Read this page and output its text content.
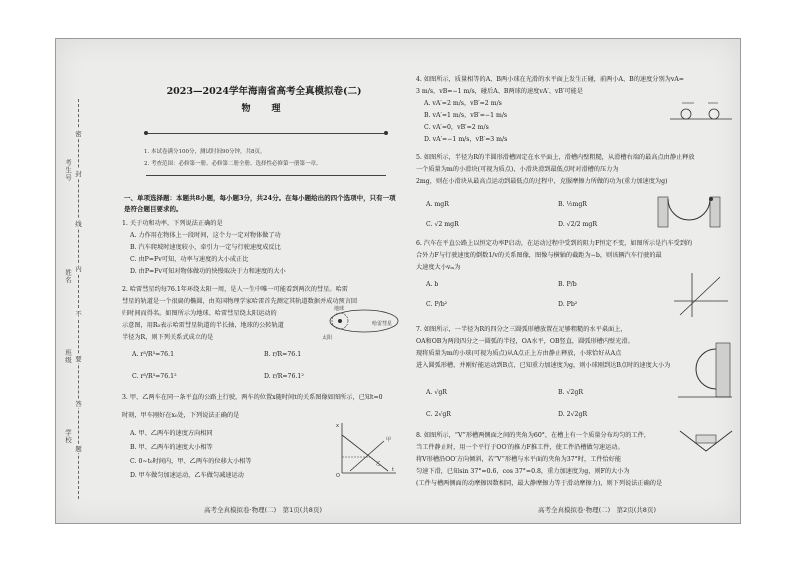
考生号
姓名
班级
学校
密
封
线
内
不
要
答
题
2023—2024学年海南省高考全真模拟卷(二)
物　理
1. 本试卷满分100分，测试时间90分钟，共8页。
2. 考查范围：必修第一册、必修第二册全册、选择性必修第一册第一章。
一、单项选择题：本题共8小题，每小题3分，共24分。在每小题给出的四个选项中，只有一项是符合题目要求的。
1. 关于功和功率，下列说法正确的是
A. 力作用在物体上一段时间，这个力一定对物体做了功
B. 汽车爬坡时速度较小，牵引力一定与行驶速度成反比
C. 由P=Fv可知，功率与速度的大小成正比
D. 由P=Fv可知对物体做功的快慢取决于力和速度的大小
2. 哈雷彗星约每76.1年环绕太阳一周，是人一生中唯一可能看到两次的彗星。哈雷
彗星的轨道是一个很扁的椭圆，由英国物理学家哈雷首先测定其轨道数据并成功预言回
归时间而得名。如图所示为地球、哈雷彗星绕太阳运动的
示意图，用R₀表示哈雷彗星轨道的半长轴，地球的公转轨道
半径为R，则下列关系式成立的是	太阳
哈雷彗星
地球
A. r³/R³=76.1	B. r/R=76.1
C. r³/R³=76.1²	D. r/R=76.1²
3. 甲、乙两车在同一条平直的公路上行驶，两车的位置x随时间t的关系图像如图所示，已知t=0
时刻，甲车刚好在x₀处，下列说法正确的是
A. 甲、乙两车的速度方向相同
B. 甲、乙两车的速度大小相等
C. 0~t₀时间内，甲、乙两车的位移大小相等
D. 甲车做匀加速运动，乙车做匀减速运动
x
t
O
甲
乙
高考全真模拟卷·物理(二)　第1页(共8页)
4. 如图所示，质量相等的A、B两小球在光滑的水平面上发生正碰，前两小A、B的速度分别为vA=
3 m/s，vB=−1 m/s，碰后A、B两球的速度vA′、vB′可能是
A. vA′=2 m/s，vB′=2 m/s
B. vA′=1 m/s，vB′=−1 m/s
C. vA′=0，vB′=2 m/s
D. vA′=−1 m/s，vB′=3 m/s
5. 如图所示，半径为R的半圆形滑槽固定在水平面上，滑槽内壁粗糙，从滑槽右端的最高点由静止释放
一个质量为m的小滑块(可视为质点)，小滑块滑到最低点时对滑槽的压力为
2mg，则在小滑块从最高点运动到最低点的过程中，克服摩擦力所做的功为(重力加速度为g)
A. mgR	B. ½mgR
C. √2 mgR	D. √2/2 mgR
6. 汽车在平直公路上以恒定功率P启动，在运动过程中受到的阻力F恒定不变，如图所示是汽车受到的
合外力F与行驶速度的倒数1/v的关系图像，图像与横轴的截距为−b，则该辆汽车行驶的最
大速度大小vₘ为
A. b	B. P/b
C. P/b²	D. Pb²
7. 如图所示，一半径为R的四分之三圆弧形槽放置在足够粗糙的水平桌面上，
OA和OB为两段四分之一圆弧的半径，OA水平，OB竖直，圆弧形槽内壁光滑。
现将质量为m的小球(可视为质点)从A点正上方由静止释放，小球恰好从A点
进入圆弧形槽，并刚好能运动到B点，已知重力加速度为g，则小球刚到达B点时的速度大小为
A. √gR	B. √2gR
C. 2√gR	D. 2√2gR
8. 如图所示，“V”形槽两侧面之间的夹角为60°，在槽上有一个质量分布均匀的工件，
当工件静止时，用一个平行于OO′的推力F推工件，使工件沿槽做匀速运动。
将V形槽沿OO′方向倾斜，若“V”形槽与水平面的夹角为37°时，工件恰好能
匀速下滑，已知sin 37°=0.6，cos 37°=0.8，重力加速度为g，则F的大小为
(工件与槽两侧面的动摩擦因数相同，最大静摩擦力等于滑动摩擦力)，则下列说法正确的是
高考全真模拟卷·物理(二)　第2页(共8页)
